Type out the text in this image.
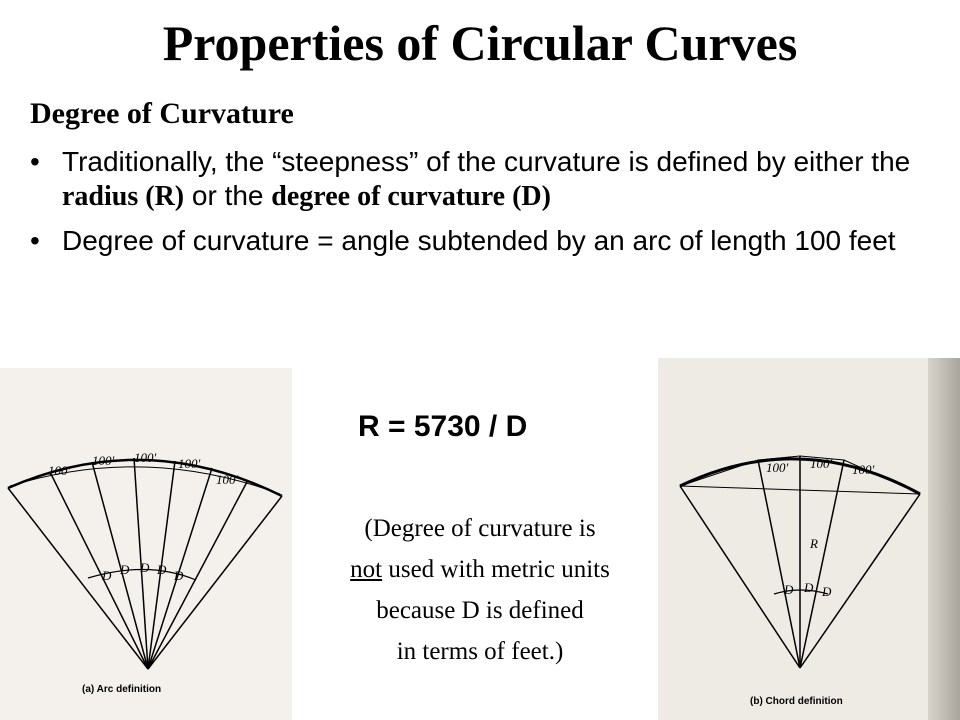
Properties of Circular Curves
Degree of Curvature
• Traditionally, the “steepness” of the curvature is defined by either the radius (R) or the degree of curvature (D)
• Degree of curvature = angle subtended by an arc of length 100 feet
100′
100′ 100′ 100′
100′
D D D D D
(a) Arc definition
100′ 100′ 100′
R
D D D
(b) Chord definition
R = 5730 / D
(Degree of curvature is
not used with metric units
because D is defined
in terms of feet.)
